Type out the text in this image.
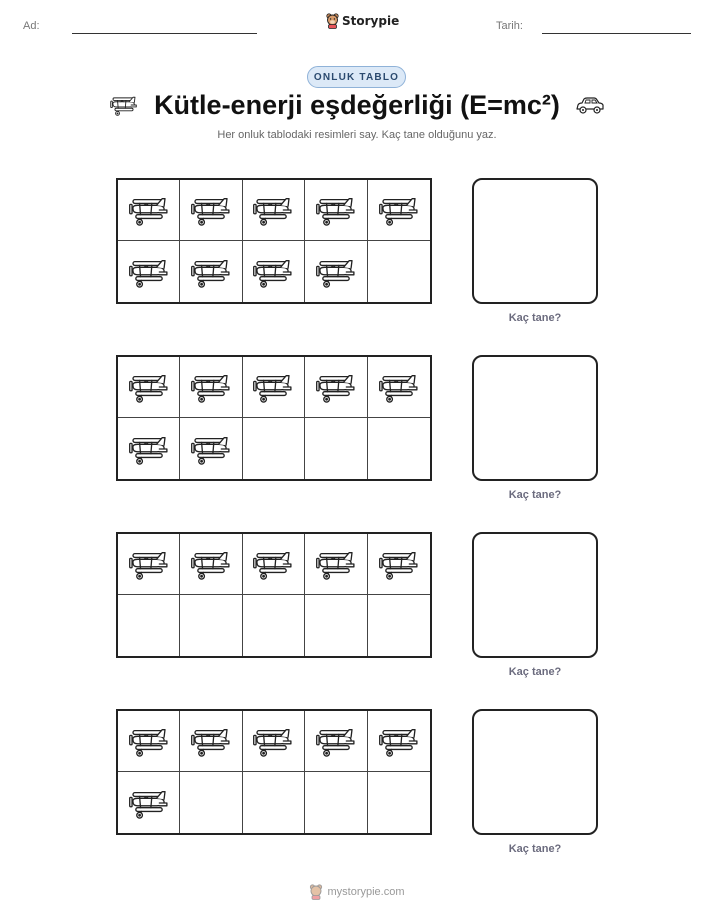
Ad:	Storypie	Tarih:
ONLUK TABLO
Kütle-enerji eşdeğerliği (E=mc²)
Her onluk tablodaki resimleri say. Kaç tane olduğunu yaz.
Kaç tane?
Kaç tane?
Kaç tane?
Kaç tane?
mystorypie.com
